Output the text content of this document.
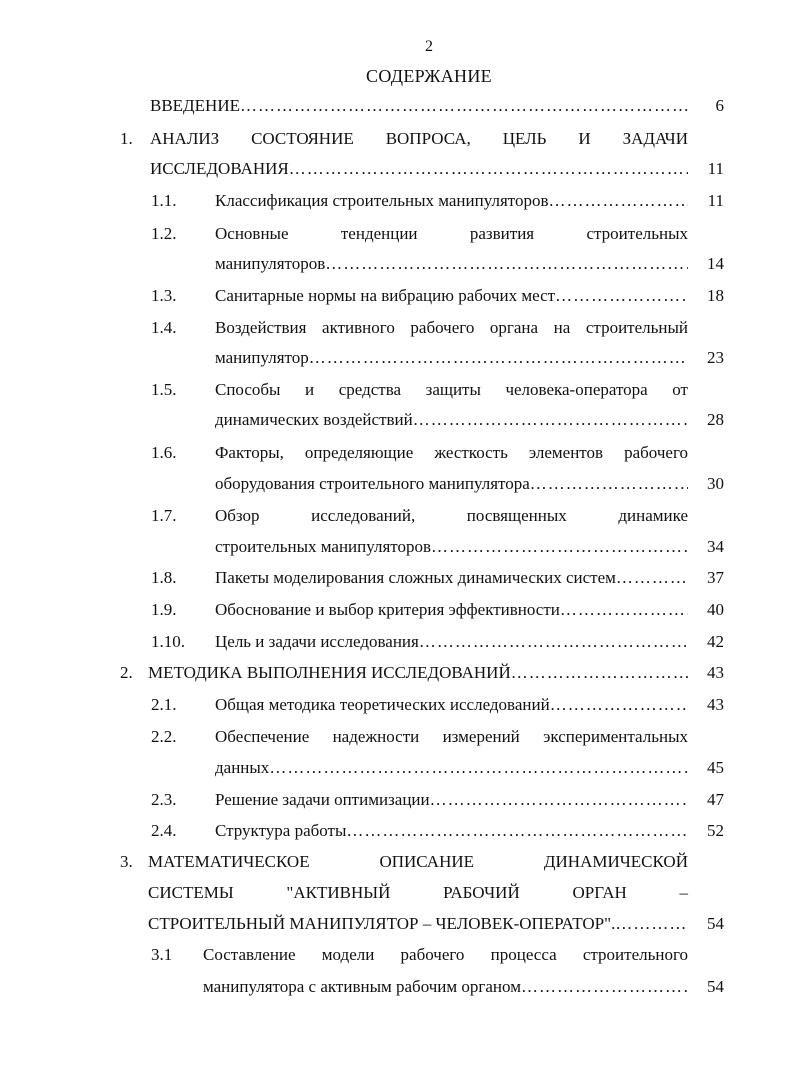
2
СОДЕРЖАНИЕ
ВВЕДЕНИЕ …………………………………………………………………………………………………………………………………………………………	6
1. АНАЛИЗ СОСТОЯНИЕ ВОПРОСА, ЦЕЛЬ И ЗАДАЧИ
ИССЛЕДОВАНИЯ …………………………………………………………………………………………………………………………………………………………	11
1.1. Классификация строительных манипуляторов …………………………………………………………………………………………………………………………………………………………	11
1.2. Основные тенденции развития строительных
манипуляторов …………………………………………………………………………………………………………………………………………………………	14
1.3. Санитарные нормы на вибрацию рабочих мест …………………………………………………………………………………………………………………………………………………………	18
1.4. Воздействия активного рабочего органа на строительный
манипулятор …………………………………………………………………………………………………………………………………………………………	23
1.5. Способы и средства защиты человека-оператора от
динамических воздействий …………………………………………………………………………………………………………………………………………………………	28
1.6. Факторы, определяющие жесткость элементов рабочего
оборудования строительного манипулятора …………………………………………………………………………………………………………………………………………………………	30
1.7. Обзор исследований, посвященных динамике
строительных манипуляторов …………………………………………………………………………………………………………………………………………………………	34
1.8. Пакеты моделирования сложных динамических систем …………………………………………………………………………………………………………………………………………………………	37
1.9. Обоснование и выбор критерия эффективности …………………………………………………………………………………………………………………………………………………………	40
1.10. Цель и задачи исследования …………………………………………………………………………………………………………………………………………………………	42
2. МЕТОДИКА ВЫПОЛНЕНИЯ ИССЛЕДОВАНИЙ …………………………………………………………………………………………………………………………………………………………	43
2.1. Общая методика теоретических исследований …………………………………………………………………………………………………………………………………………………………	43
2.2. Обеспечение надежности измерений экспериментальных
данных …………………………………………………………………………………………………………………………………………………………	45
2.3. Решение задачи оптимизации …………………………………………………………………………………………………………………………………………………………	47
2.4. Структура работы …………………………………………………………………………………………………………………………………………………………	52
3. МАТЕМАТИЧЕСКОЕ ОПИСАНИЕ ДИНАМИЧЕСКОЙ
СИСТЕМЫ "АКТИВНЫЙ РАБОЧИЙ ОРГАН –
СТРОИТЕЛЬНЫЙ МАНИПУЛЯТОР – ЧЕЛОВЕК-ОПЕРАТОР". …………………………………………………………………………………………………………………………………………………………	54
3.1 Составление модели рабочего процесса строительного
манипулятора с активным рабочим органом …………………………………………………………………………………………………………………………………………………………	54
